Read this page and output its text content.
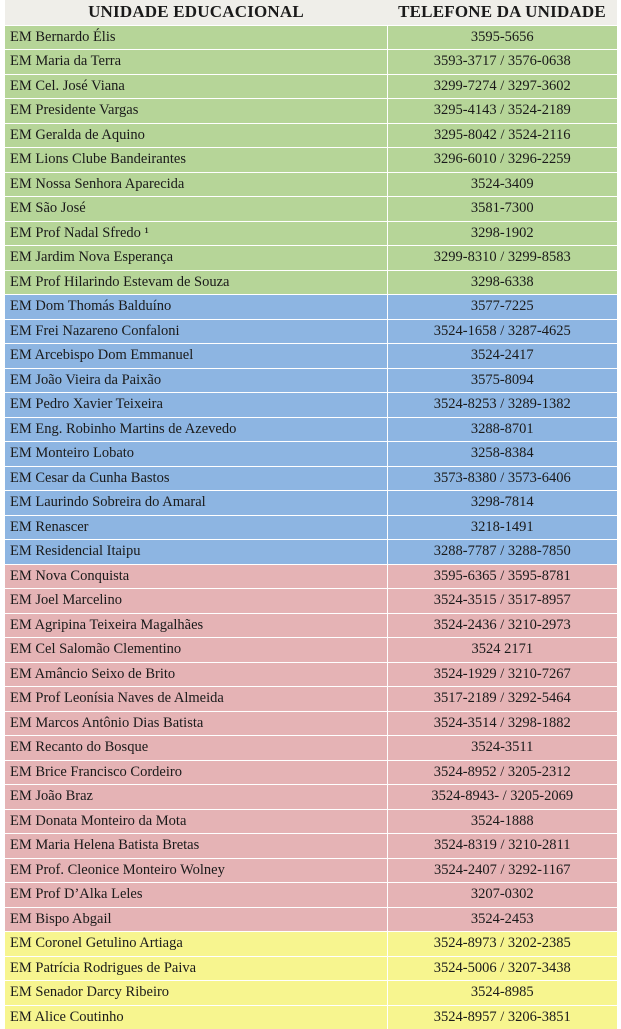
UNIDADE EDUCACIONAL	TELEFONE DA UNIDADE
EM Bernardo Élis	3595-5656
EM Maria da Terra	3593-3717 / 3576-0638
EM Cel. José Viana	3299-7274 / 3297-3602
EM Presidente Vargas	3295-4143 / 3524-2189
EM Geralda de Aquino	3295-8042 / 3524-2116
EM Lions Clube Bandeirantes	3296-6010 / 3296-2259
EM Nossa Senhora Aparecida	3524-3409
EM São José	3581-7300
EM Prof Nadal Sfredo ¹	3298-1902
EM Jardim Nova Esperança	3299-8310 / 3299-8583
EM Prof Hilarindo Estevam de Souza	3298-6338
EM Dom Thomás Balduíno	3577-7225
EM Frei Nazareno Confaloni	3524-1658 / 3287-4625
EM Arcebispo Dom Emmanuel	3524-2417
EM João Vieira da Paixão	3575-8094
EM Pedro Xavier Teixeira	3524-8253 / 3289-1382
EM Eng. Robinho Martins de Azevedo	3288-8701
EM Monteiro Lobato	3258-8384
EM Cesar da Cunha Bastos	3573-8380 / 3573-6406
EM Laurindo Sobreira do Amaral	3298-7814
EM Renascer	3218-1491
EM Residencial Itaipu	3288-7787 / 3288-7850
EM Nova Conquista	3595-6365 / 3595-8781
EM Joel Marcelino	3524-3515 / 3517-8957
EM Agripina Teixeira Magalhães	3524-2436 / 3210-2973
EM Cel Salomão Clementino	3524 2171
EM Amâncio Seixo de Brito	3524-1929 / 3210-7267
EM Prof Leonísia Naves de Almeida	3517-2189 / 3292-5464
EM Marcos Antônio Dias Batista	3524-3514 / 3298-1882
EM Recanto do Bosque	3524-3511
EM Brice Francisco Cordeiro	3524-8952 / 3205-2312
EM João Braz	3524-8943- / 3205-2069
EM Donata Monteiro da Mota	3524-1888
EM Maria Helena Batista Bretas	3524-8319 / 3210-2811
EM Prof. Cleonice Monteiro Wolney	3524-2407 / 3292-1167
EM Prof D’Alka Leles	3207-0302
EM Bispo Abgail	3524-2453
EM Coronel Getulino Artiaga	3524-8973 / 3202-2385
EM Patrícia Rodrigues de Paiva	3524-5006 / 3207-3438
EM Senador Darcy Ribeiro	3524-8985
EM Alice Coutinho	3524-8957 / 3206-3851
